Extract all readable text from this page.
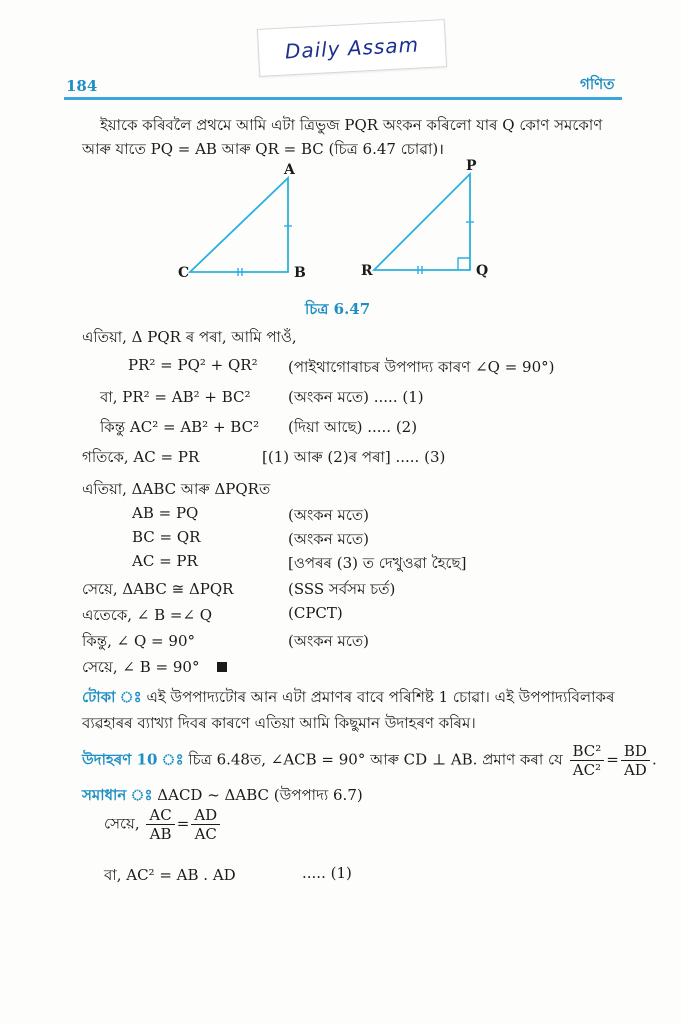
Daily Assam
184	গণিত
ইয়াকে কৰিবলৈ প্ৰথমে আমি এটা ত্ৰিভুজ PQR অংকন কৰিলো যাৰ Q কোণ সমকোণ
আৰু যাতে PQ = AB আৰু QR = BC (চিত্ৰ 6.47 চোৱা)।
A
C	B
P
R	Q
চিত্ৰ 6.47
এতিয়া, Δ PQR ৰ পৰা, আমি পাওঁ,
PR² = PQ² + QR² (পাইথাগোৰাচৰ উপপাদ্য কাৰণ ∠Q = 90°)
বা, PR² = AB² + BC² (অংকন মতে) ..... (1)
কিন্তু AC² = AB² + BC² (দিয়া আছে) ..... (2)
গতিকে, AC = PR	[(1) আৰু (2)ৰ পৰা] ..... (3)
এতিয়া, ΔABC আৰু ΔPQRত
AB = PQ	(অংকন মতে)
BC = QR	(অংকন মতে)
AC = PR	[ওপৰৰ (3) ত দেখুওৱা হৈছে]
সেয়ে, ΔABC ≅ ΔPQR	(SSS সৰ্বসম চৰ্ত)
এতেকে, ∠ B =∠ Q	(CPCT)
কিন্তু, ∠ Q = 90°	(অংকন মতে)
সেয়ে, ∠ B = 90°
টোকা ঃ এই উপপাদ্যটোৰ আন এটা প্ৰমাণৰ বাবে পৰিশিষ্ট 1 চোৱা। এই উপপাদ্যবিলাকৰ
ব্যৱহাৰৰ ব্যাখ্যা দিবৰ কাৰণে এতিয়া আমি কিছুমান উদাহৰণ কৰিম।
উদাহৰণ 10 ঃ চিত্ৰ 6.48ত, ∠ACB = 90° আৰু CD ⊥ AB. প্ৰমাণ কৰা যে $\frac{\text{BC²}}{\text{AC²}} = \frac{BD}{AD}$ .
সমাধান ঃ ΔACD ~ ΔABC (উপপাদ্য 6.7)
সেয়ে, $\frac{AC}{AB} = \frac{AD}{AC}$
বা, AC² = AB . AD	..... (1)
